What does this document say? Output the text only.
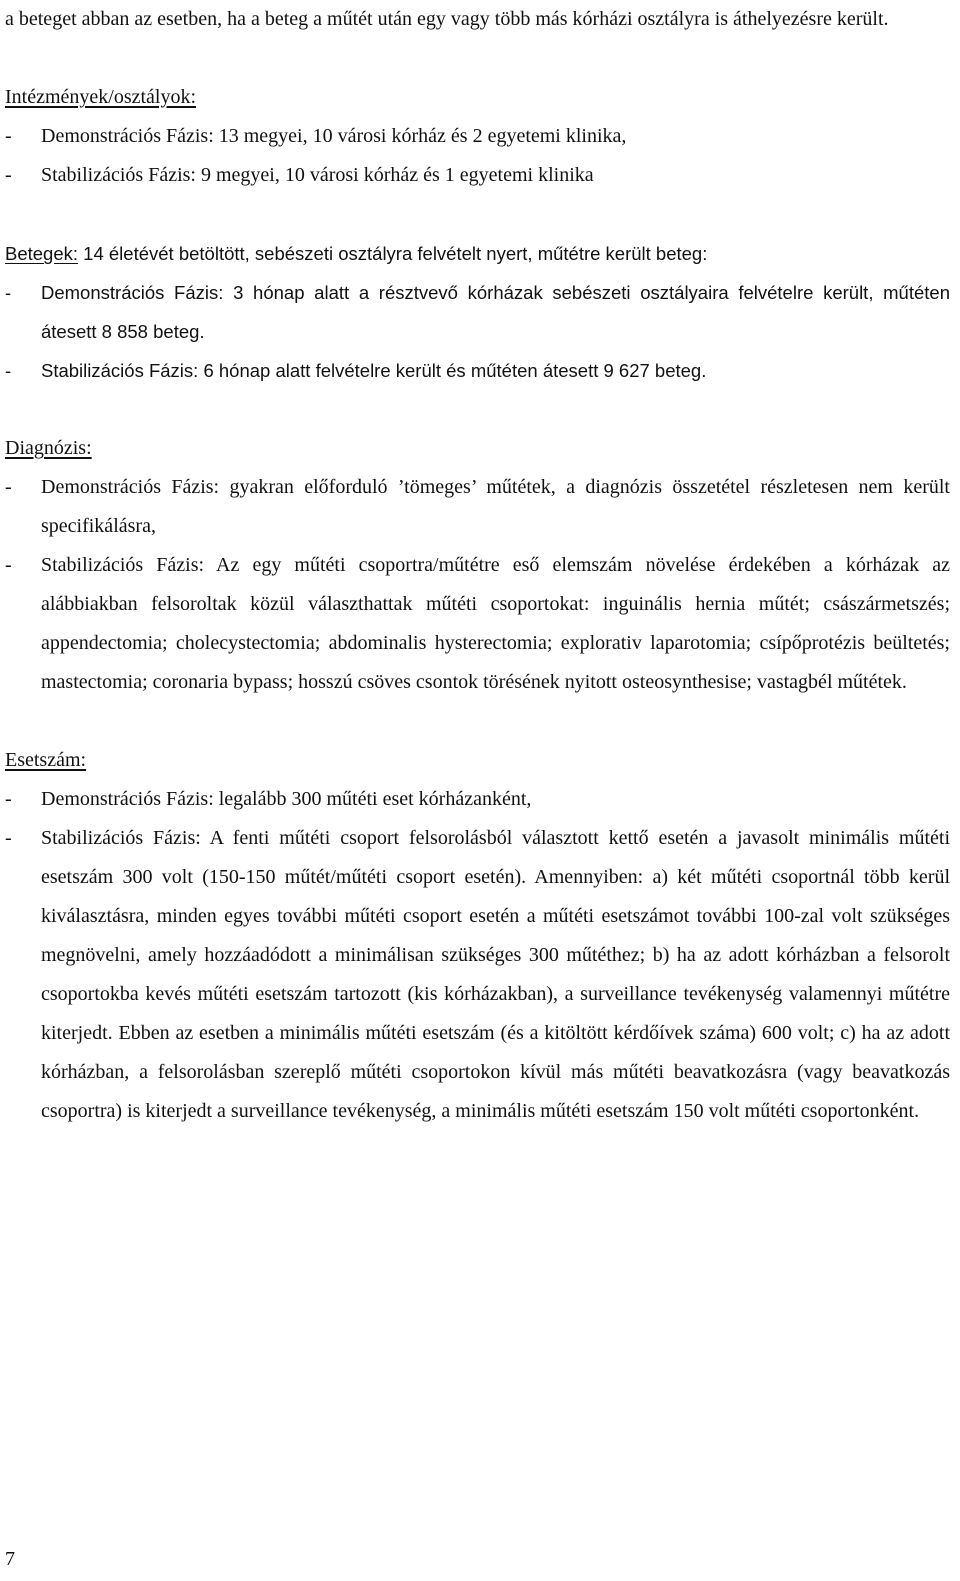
a beteget abban az esetben, ha a beteg a műtét után egy vagy több más kórházi osztályra is áthelyezésre került.

Intézmények/osztályok:

- Demonstrációs Fázis: 13 megyei, 10 városi kórház és 2 egyetemi klinika,
- Stabilizációs Fázis: 9 megyei, 10 városi kórház és 1 egyetemi klinika

Betegek: 14 életévét betöltött, sebészeti osztályra felvételt nyert, műtétre került beteg:

- Demonstrációs Fázis: 3 hónap alatt a résztvevő kórházak sebészeti osztályaira felvételre került, műtéten átesett 8 858 beteg.
- Stabilizációs Fázis: 6 hónap alatt felvételre került és műtéten átesett 9 627 beteg.

Diagnózis:

- Demonstrációs Fázis: gyakran előforduló ’tömeges’ műtétek, a diagnózis összetétel részletesen nem került specifikálásra,
- Stabilizációs Fázis: Az egy műtéti csoportra/műtétre eső elemszám növelése érdekében a kórházak az alábbiakban felsoroltak közül választhattak műtéti csoportokat: inguinális hernia műtét; császármetszés; appendectomia; cholecystectomia; abdominalis hysterectomia; explorativ laparotomia; csípőprotézis beültetés; mastectomia; coronaria bypass; hosszú csöves csontok törésének nyitott osteosynthesise; vastagbél műtétek.

Esetszám:

- Demonstrációs Fázis: legalább 300 műtéti eset kórházanként,
- Stabilizációs Fázis: A fenti műtéti csoport felsorolásból választott kettő esetén a javasolt minimális műtéti esetszám 300 volt (150-150 műtét/műtéti csoport esetén). Amennyiben: a) két műtéti csoportnál több kerül kiválasztásra, minden egyes további műtéti csoport esetén a műtéti esetszámot további 100-zal volt szükséges megnövelni, amely hozzáadódott a minimálisan szükséges 300 műtéthez; b) ha az adott kórházban a felsorolt csoportokba kevés műtéti esetszám tartozott (kis kórházakban), a surveillance tevékenység valamennyi műtétre kiterjedt. Ebben az esetben a minimális műtéti esetszám (és a kitöltött kérdőívek száma) 600 volt; c) ha az adott kórházban, a felsorolásban szereplő műtéti csoportokon kívül más műtéti beavatkozásra (vagy beavatkozás csoportra) is kiterjedt a surveillance tevékenység, a minimális műtéti esetszám 150 volt műtéti csoportonként.
7
